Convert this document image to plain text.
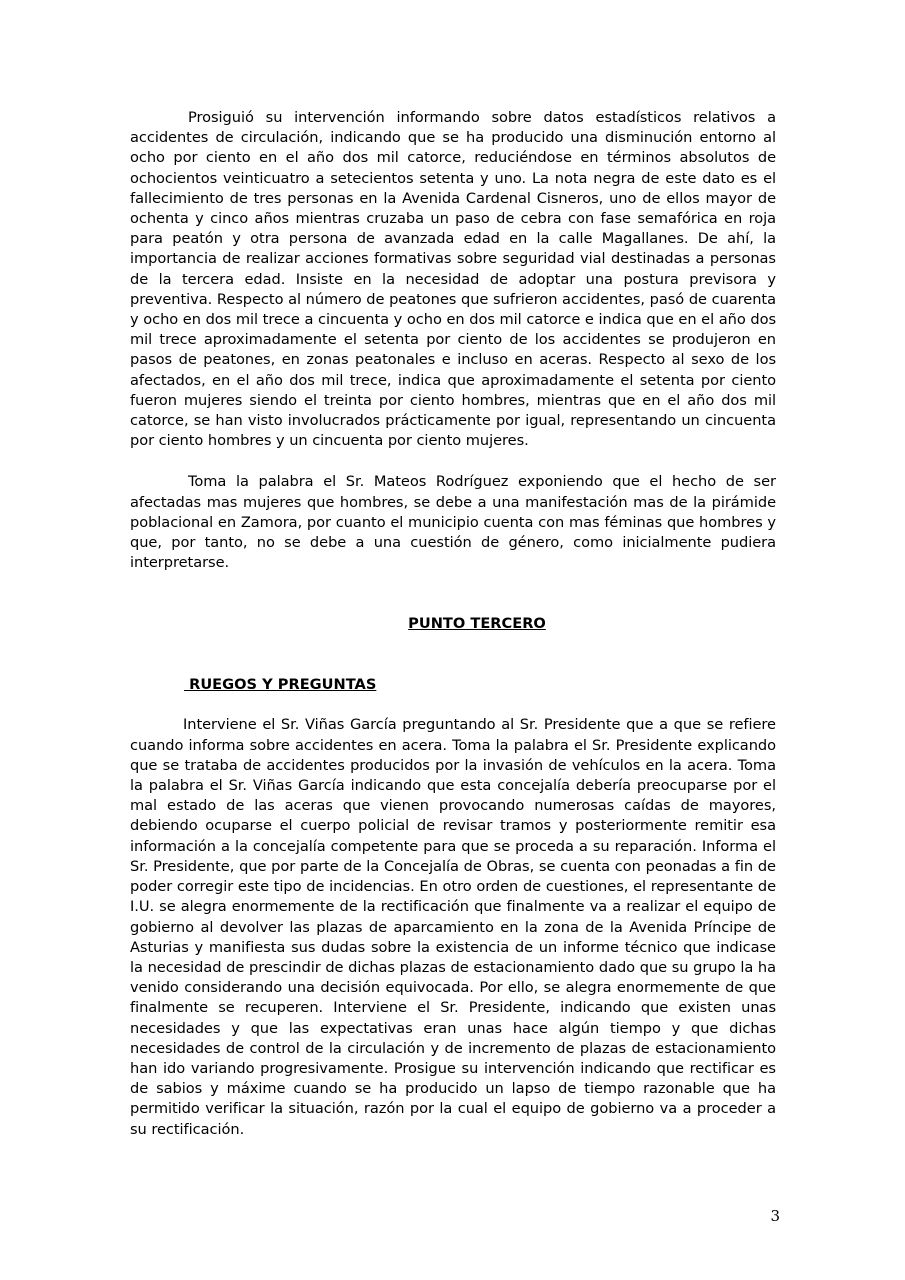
Prosiguió su intervención informando sobre datos estadísticos relativos a accidentes de circulación, indicando que se ha producido una disminución entorno al ocho por ciento en el año dos mil catorce, reduciéndose en términos absolutos de ochocientos veinticuatro a setecientos setenta y uno. La nota negra de este dato es el fallecimiento de tres personas en la Avenida Cardenal Cisneros, uno de ellos mayor de ochenta y cinco años mientras cruzaba un paso de cebra con fase semafórica en roja para peatón y otra persona de avanzada edad en la calle Magallanes. De ahí, la importancia de realizar acciones formativas sobre seguridad vial destinadas a personas de la tercera edad. Insiste en la necesidad de adoptar una postura previsora y preventiva. Respecto al número de peatones que sufrieron accidentes, pasó de cuarenta y ocho en dos mil trece a cincuenta y ocho en dos mil catorce e indica que en el año dos mil trece aproximadamente el setenta por ciento de los accidentes se produjeron en pasos de peatones, en zonas peatonales e incluso en aceras. Respecto al sexo de los afectados, en el año dos mil trece, indica que aproximadamente el setenta por ciento fueron mujeres siendo el treinta por ciento hombres, mientras que en el año dos mil catorce, se han visto involucrados prácticamente por igual, representando un cincuenta por ciento hombres y un cincuenta por ciento mujeres.

Toma la palabra el Sr. Mateos Rodríguez exponiendo que el hecho de ser afectadas mas mujeres que hombres, se debe a una manifestación mas de la pirámide poblacional en Zamora, por cuanto el municipio cuenta con mas féminas que hombres y que, por tanto, no se debe a una cuestión de género, como inicialmente pudiera interpretarse.

PUNTO TERCERO

RUEGOS Y PREGUNTAS

Interviene el Sr. Viñas García preguntando al Sr. Presidente que a que se refiere cuando informa sobre accidentes en acera. Toma la palabra el Sr. Presidente explicando que se trataba de accidentes producidos por la invasión de vehículos en la acera. Toma la palabra el Sr. Viñas García indicando que esta concejalía debería preocuparse por el mal estado de las aceras que vienen provocando numerosas caídas de mayores, debiendo ocuparse el cuerpo policial de revisar tramos y posteriormente remitir esa información a la concejalía competente para que se proceda a su reparación. Informa el Sr. Presidente, que por parte de la Concejalía de Obras, se cuenta con peonadas a fin de poder corregir este tipo de incidencias. En otro orden de cuestiones, el representante de I.U. se alegra enormemente de la rectificación que finalmente va a realizar el equipo de gobierno al devolver las plazas de aparcamiento en la zona de la Avenida Príncipe de Asturias y manifiesta sus dudas sobre la existencia de un informe técnico que indicase la necesidad de prescindir de dichas plazas de estacionamiento dado que su grupo la ha venido considerando una decisión equivocada. Por ello, se alegra enormemente de que finalmente se recuperen. Interviene el Sr. Presidente, indicando que existen unas necesidades y que las expectativas eran unas hace algún tiempo y que dichas necesidades de control de la circulación y de incremento de plazas de estacionamiento han ido variando progresivamente. Prosigue su intervención indicando que rectificar es de sabios y máxime cuando se ha producido un lapso de tiempo razonable que ha permitido verificar la situación, razón por la cual el equipo de gobierno va a proceder a su rectificación.

3
